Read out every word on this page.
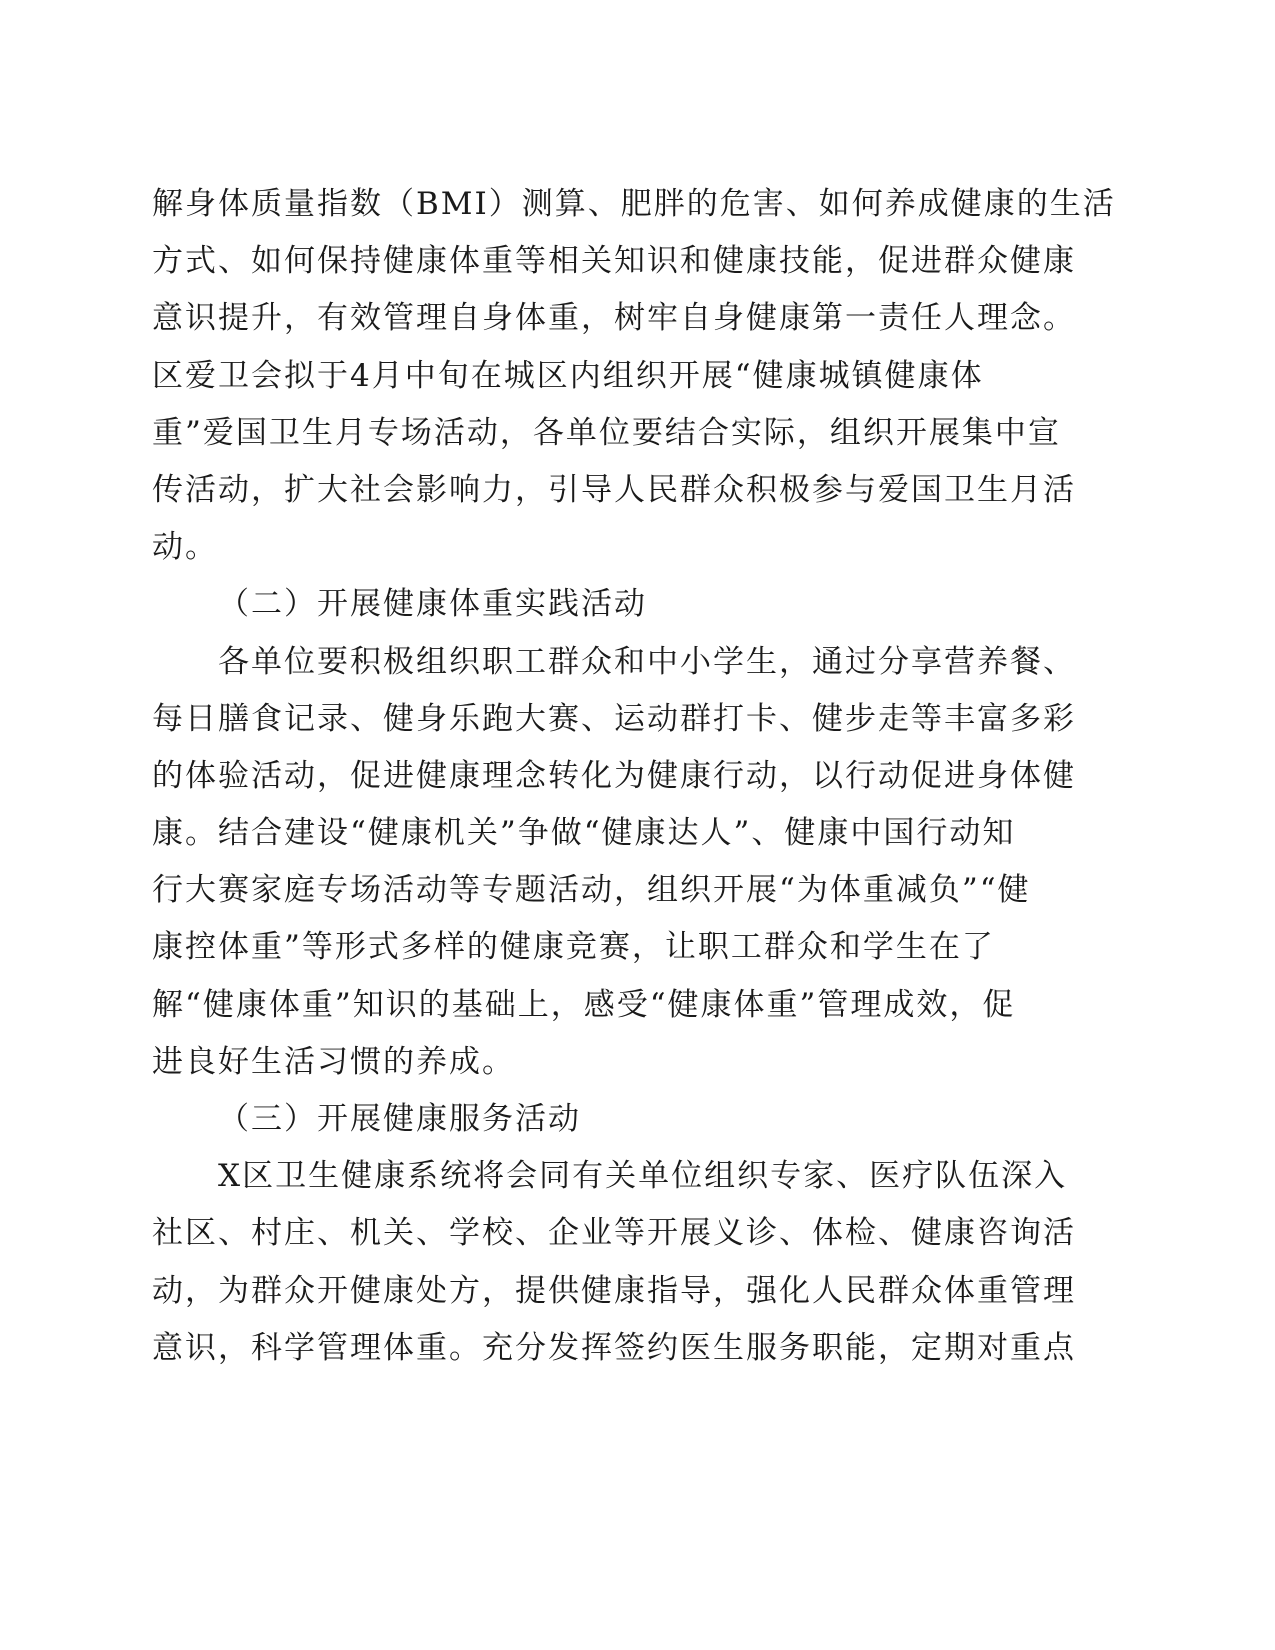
解身体质量指数（BMI）测算、肥胖的危害、如何养成健康的生活
方式、如何保持健康体重等相关知识和健康技能，促进群众健康
意识提升，有效管理自身体重，树牢自身健康第一责任人理念。
区爱卫会拟于4月中旬在城区内组织开展“健康城镇健康体
重”爱国卫生月专场活动，各单位要结合实际，组织开展集中宣
传活动，扩大社会影响力，引导人民群众积极参与爱国卫生月活
动。
（二）开展健康体重实践活动
各单位要积极组织职工群众和中小学生，通过分享营养餐、
每日膳食记录、健身乐跑大赛、运动群打卡、健步走等丰富多彩
的体验活动，促进健康理念转化为健康行动，以行动促进身体健
康。结合建设“健康机关”争做“健康达人”、健康中国行动知
行大赛家庭专场活动等专题活动，组织开展“为体重减负”“健
康控体重”等形式多样的健康竞赛，让职工群众和学生在了
解“健康体重”知识的基础上，感受“健康体重”管理成效，促
进良好生活习惯的养成。
（三）开展健康服务活动
X区卫生健康系统将会同有关单位组织专家、医疗队伍深入
社区、村庄、机关、学校、企业等开展义诊、体检、健康咨询活
动，为群众开健康处方，提供健康指导，强化人民群众体重管理
意识，科学管理体重。充分发挥签约医生服务职能，定期对重点
